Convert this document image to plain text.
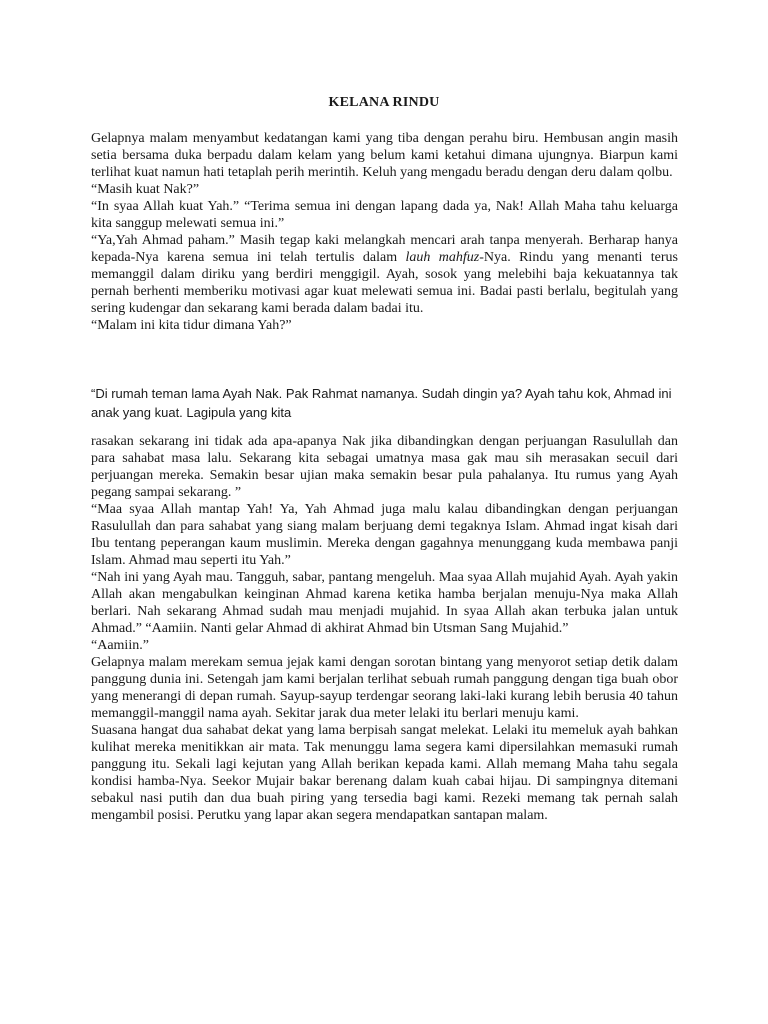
KELANA RINDU

Gelapnya malam menyambut kedatangan kami yang tiba dengan perahu biru. Hembusan angin masih setia bersama duka berpadu dalam kelam yang belum kami ketahui dimana ujungnya. Biarpun kami terlihat kuat namun hati tetaplah perih merintih. Keluh yang mengadu beradu dengan deru dalam qolbu.

“Masih kuat Nak?”

“In syaa Allah kuat Yah.” “Terima semua ini dengan lapang dada ya, Nak! Allah Maha tahu keluarga kita sanggup melewati semua ini.”

“Ya,Yah Ahmad paham.” Masih tegap kaki melangkah mencari arah tanpa menyerah. Berharap hanya kepada-Nya karena semua ini telah tertulis dalam lauh mahfuz-Nya. Rindu yang menanti terus memanggil dalam diriku yang berdiri menggigil. Ayah, sosok yang melebihi baja kekuatannya tak pernah berhenti memberiku motivasi agar kuat melewati semua ini. Badai pasti berlalu, begitulah yang sering kudengar dan sekarang kami berada dalam badai itu.

“Malam ini kita tidur dimana Yah?”

“Di rumah teman lama Ayah Nak. Pak Rahmat namanya. Sudah dingin ya? Ayah tahu kok, Ahmad ini anak yang kuat. Lagipula yang kita

rasakan sekarang ini tidak ada apa-apanya Nak jika dibandingkan dengan perjuangan Rasulullah dan para sahabat masa lalu. Sekarang kita sebagai umatnya masa gak mau sih merasakan secuil dari perjuangan mereka. Semakin besar ujian maka semakin besar pula pahalanya. Itu rumus yang Ayah pegang sampai sekarang. ”

“Maa syaa Allah mantap Yah! Ya, Yah Ahmad juga malu kalau dibandingkan dengan perjuangan Rasulullah dan para sahabat yang siang malam berjuang demi tegaknya Islam. Ahmad ingat kisah dari Ibu tentang peperangan kaum muslimin. Mereka dengan gagahnya menunggang kuda membawa panji Islam. Ahmad mau seperti itu Yah.”

“Nah ini yang Ayah mau. Tangguh, sabar, pantang mengeluh. Maa syaa Allah mujahid Ayah. Ayah yakin Allah akan mengabulkan keinginan Ahmad karena ketika hamba berjalan menuju-Nya maka Allah berlari. Nah sekarang Ahmad sudah mau menjadi mujahid. In syaa Allah akan terbuka jalan untuk Ahmad.” “Aamiin. Nanti gelar Ahmad di akhirat Ahmad bin Utsman Sang Mujahid.”

“Aamiin.”

Gelapnya malam merekam semua jejak kami dengan sorotan bintang yang menyorot setiap detik dalam panggung dunia ini. Setengah jam kami berjalan terlihat sebuah rumah panggung dengan tiga buah obor yang menerangi di depan rumah. Sayup-sayup terdengar seorang laki-laki kurang lebih berusia 40 tahun memanggil-manggil nama ayah. Sekitar jarak dua meter lelaki itu berlari menuju kami.

Suasana hangat dua sahabat dekat yang lama berpisah sangat melekat. Lelaki itu memeluk ayah bahkan kulihat mereka menitikkan air mata. Tak menunggu lama segera kami dipersilahkan memasuki rumah panggung itu. Sekali lagi kejutan yang Allah berikan kepada kami. Allah memang Maha tahu segala kondisi hamba-Nya. Seekor Mujair bakar berenang dalam kuah cabai hijau. Di sampingnya ditemani sebakul nasi putih dan dua buah piring yang tersedia bagi kami. Rezeki memang tak pernah salah mengambil posisi. Perutku yang lapar akan segera mendapatkan santapan malam.
